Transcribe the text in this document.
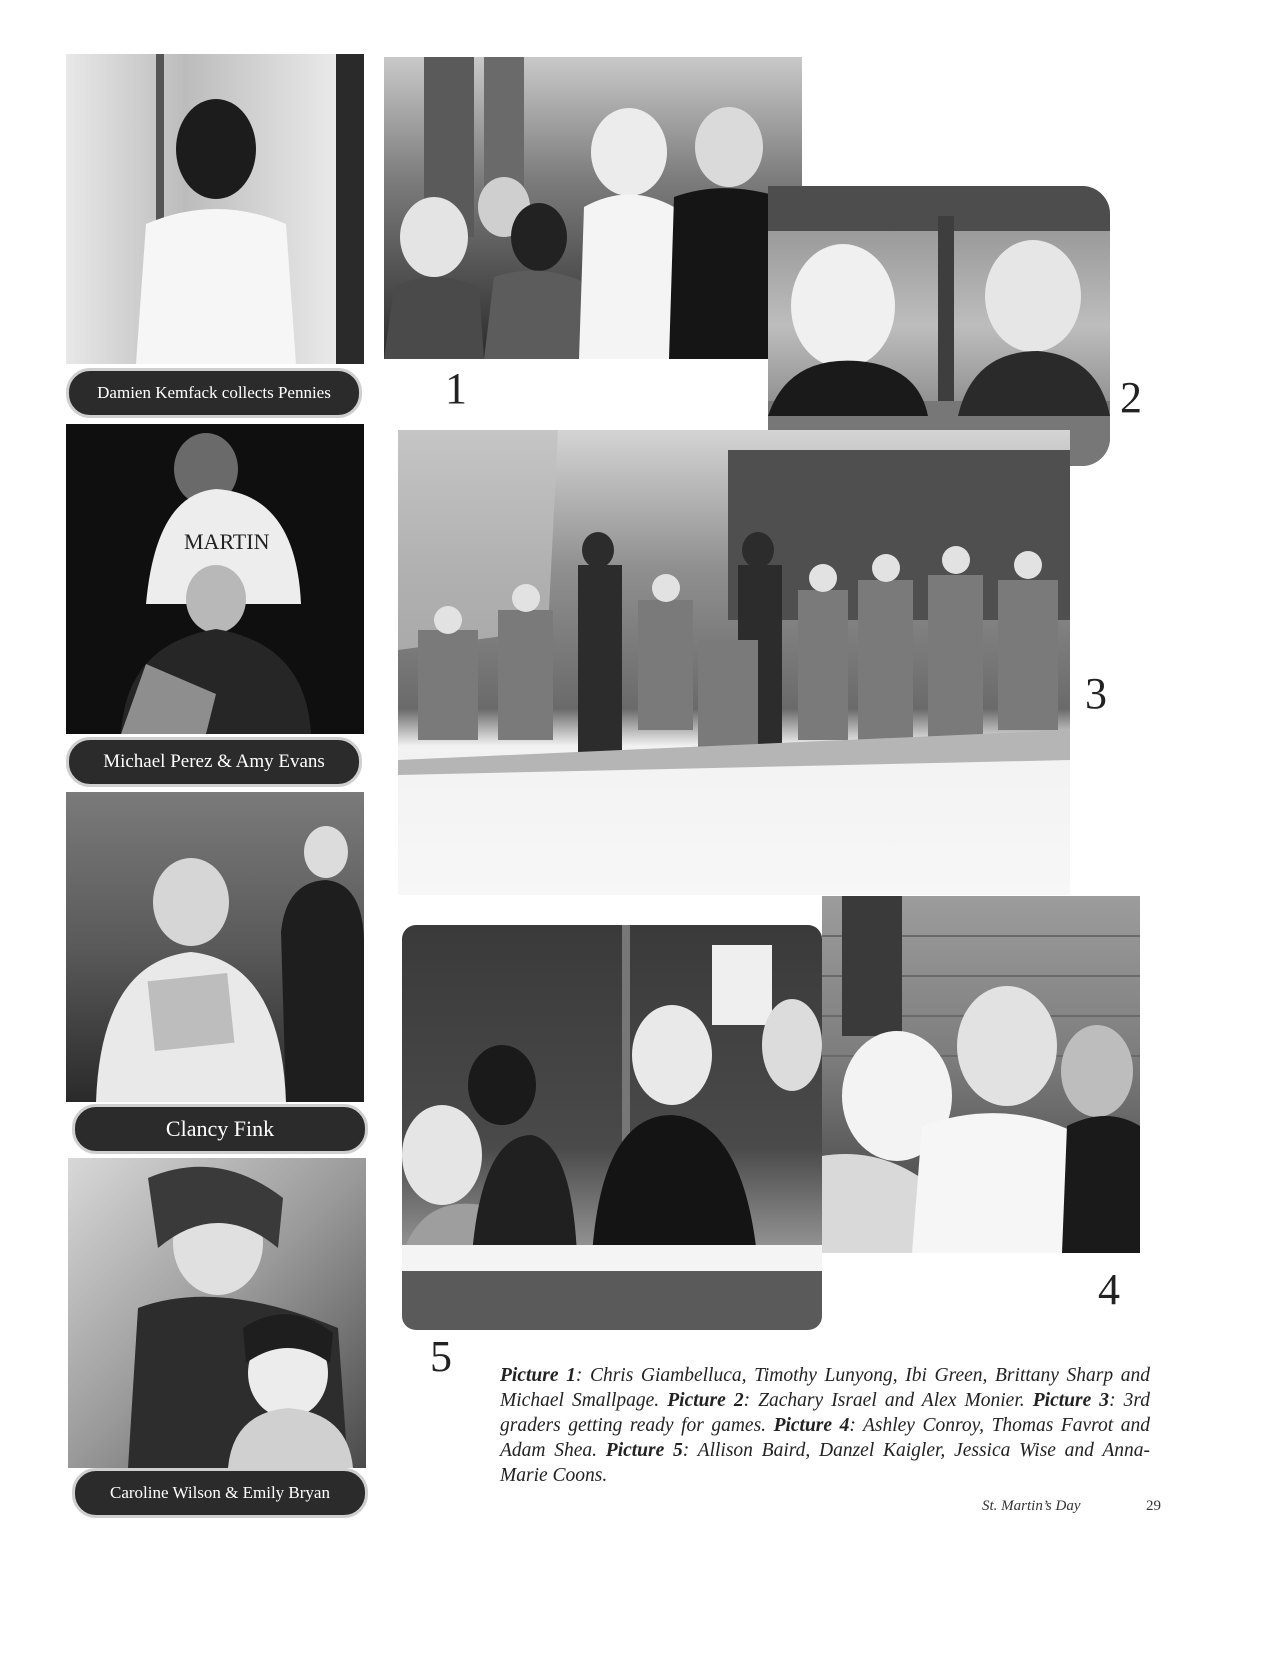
Damien Kemfack collects Pennies
MARTIN
Michael Perez & Amy Evans
Clancy Fink
Caroline Wilson & Emily Bryan
1	2
3
5
4
Picture 1: Chris Giambelluca, Timothy Lunyong, Ibi Green, Brittany Sharp and Michael Smallpage. Picture 2: Zachary Israel and Alex Monier. Picture 3: 3rd graders getting ready for games. Picture 4: Ashley Conroy, Thomas Favrot and Adam Shea. Picture 5: Allison Baird, Danzel Kaigler, Jessica Wise and Anna-Marie Coons.
St. Martin’s Day	29
